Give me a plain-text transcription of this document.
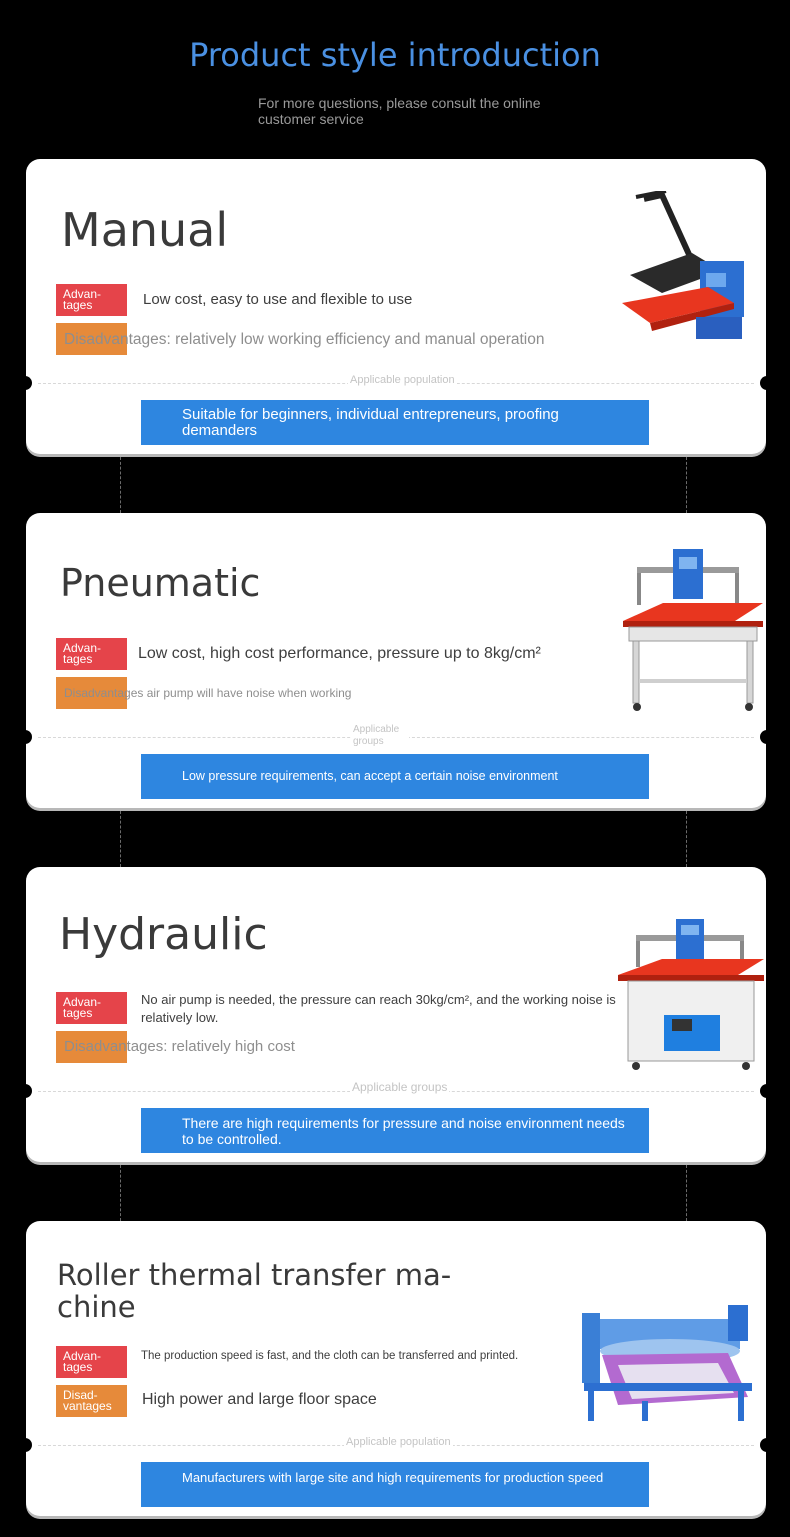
Product style introduction
For more questions, please consult the online customer service
Manual
Advan-
tages	Low cost, easy to use and flexible to use
Disadvantages: relatively low working efficiency and manual operation
Applicable population
Suitable for beginners, individual entrepreneurs, proofing demanders
Pneumatic
Advan-
tages	Low cost, high cost performance, pressure up to 8kg/cm²
Disadvantages air pump will have noise when working
Applicable groups
Low pressure requirements, can accept a certain noise environment
Hydraulic
Advan-
tages
No air pump is needed, the pressure can reach 30kg/cm², and the working noise is relatively low.
Disadvantages: relatively high cost
Applicable groups
There are high requirements for pressure and noise environment needs to be controlled.
Roller thermal transfer ma-
chine
Advan-
tages
The production speed is fast, and the cloth can be transferred and printed.
Disad-
vantages	High power and large floor space
Applicable population
Manufacturers with large site and high requirements for production speed
